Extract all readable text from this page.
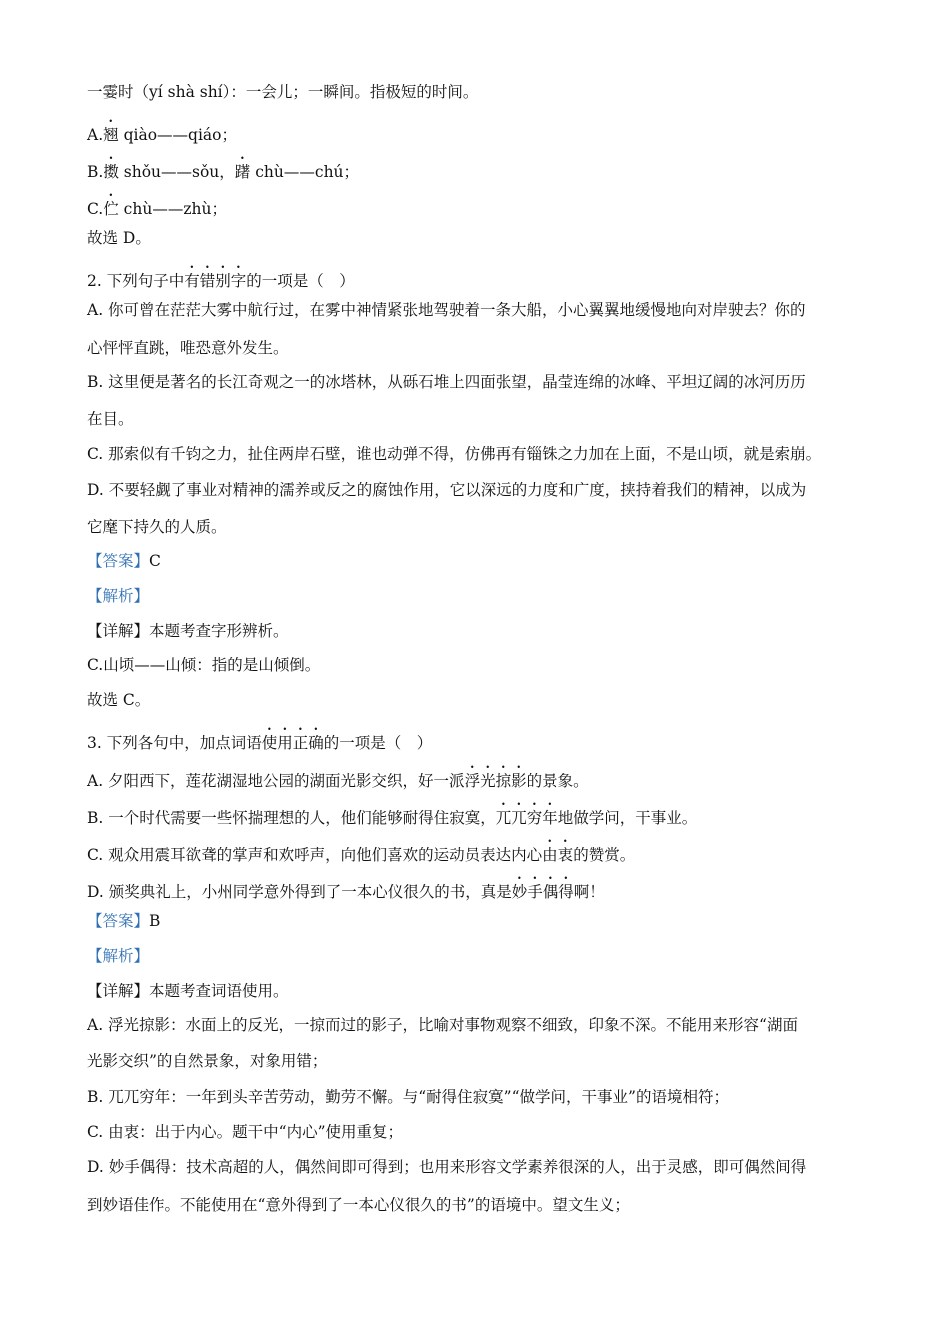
一霎时（yí shà shí）：一会儿；一瞬间。指极短的时间。
A.翘 qiào——qiáo；
B.擞 shǒu——sǒu，躇 chù——chú；
C.伫 chù——zhù；
故选 D。
2. 下列句子中有错别字的一项是（　）
A. 你可曾在茫茫大雾中航行过，在雾中神情紧张地驾驶着一条大船，小心翼翼地缓慢地向对岸驶去？你的
心怦怦直跳，唯恐意外发生。
B. 这里便是著名的长江奇观之一的冰塔林，从砾石堆上四面张望，晶莹连绵的冰峰、平坦辽阔的冰河历历
在目。
C. 那索似有千钧之力，扯住两岸石壁，谁也动弹不得，仿佛再有锱铢之力加在上面，不是山顷，就是索崩。
D. 不要轻觑了事业对精神的濡养或反之的腐蚀作用，它以深远的力度和广度，挟持着我们的精神，以成为
它麾下持久的人质。
【答案】C
【解析】
【详解】本题考查字形辨析。
C.山顷——山倾：指的是山倾倒。
故选 C。
3. 下列各句中，加点词语使用正确的一项是（　）
A. 夕阳西下，莲花湖湿地公园的湖面光影交织，好一派浮光掠影的景象。
B. 一个时代需要一些怀揣理想的人，他们能够耐得住寂寞，兀兀穷年地做学问，干事业。
C. 观众用震耳欲聋的掌声和欢呼声，向他们喜欢的运动员表达内心由衷的赞赏。
D. 颁奖典礼上，小州同学意外得到了一本心仪很久的书，真是妙手偶得啊！
【答案】B
【解析】
【详解】本题考查词语使用。
A. 浮光掠影：水面上的反光，一掠而过的影子，比喻对事物观察不细致，印象不深。不能用来形容“湖面
光影交织”的自然景象，对象用错；
B. 兀兀穷年：一年到头辛苦劳动，勤劳不懈。与“耐得住寂寞”“做学问，干事业”的语境相符；
C. 由衷：出于内心。题干中“内心”使用重复；
D. 妙手偶得：技术高超的人，偶然间即可得到；也用来形容文学素养很深的人，出于灵感，即可偶然间得
到妙语佳作。不能使用在“意外得到了一本心仪很久的书”的语境中。望文生义；
